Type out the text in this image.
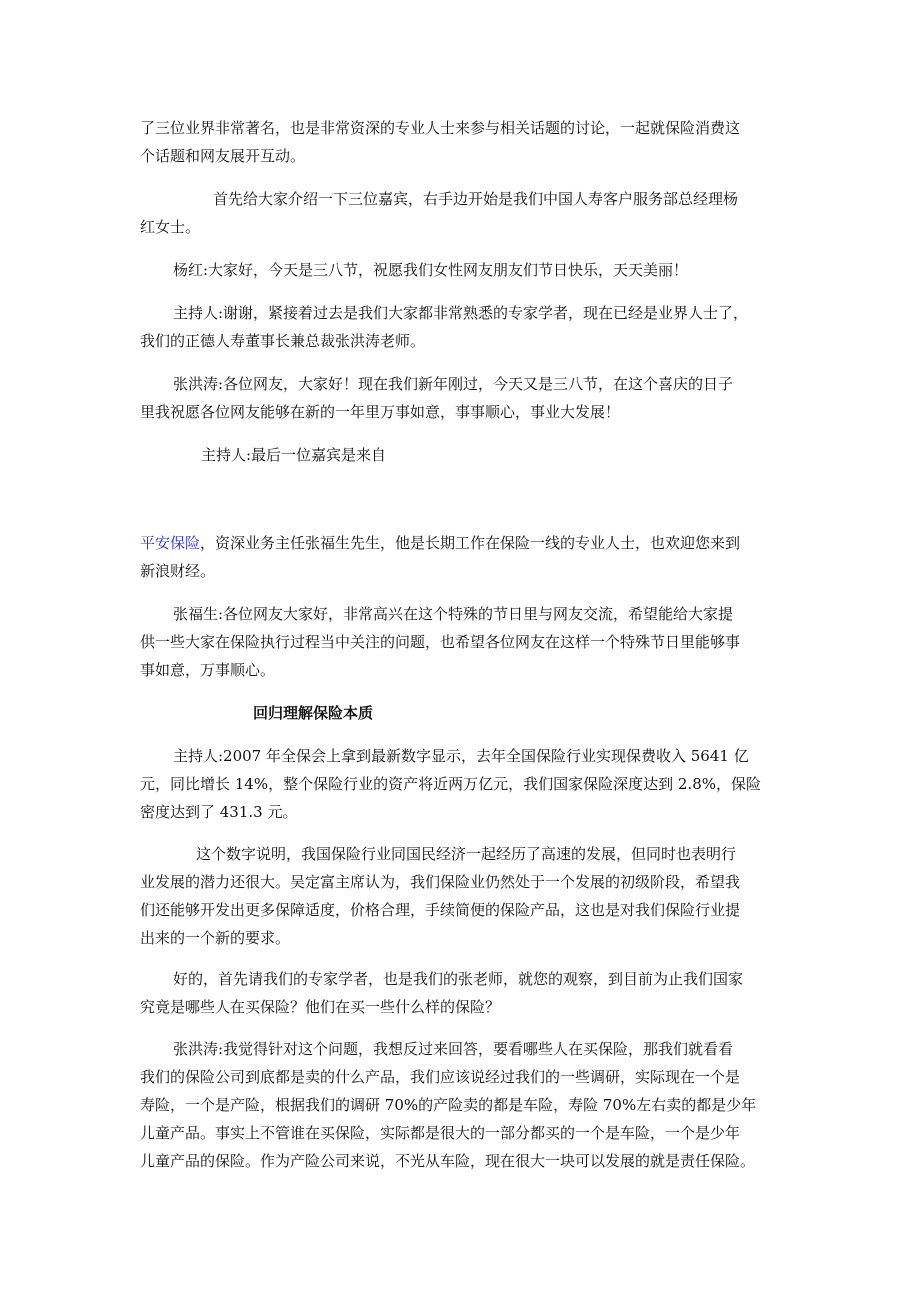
了三位业界非常著名，也是非常资深的专业人士来参与相关话题的讨论，一起就保险消费这
个话题和网友展开互动。
首先给大家介绍一下三位嘉宾，右手边开始是我们中国人寿客户服务部总经理杨
红女士。
杨红:大家好，今天是三八节，祝愿我们女性网友朋友们节日快乐，天天美丽！
主持人:谢谢，紧接着过去是我们大家都非常熟悉的专家学者，现在已经是业界人士了，
我们的正德人寿董事长兼总裁张洪涛老师。
张洪涛:各位网友，大家好！现在我们新年刚过，今天又是三八节，在这个喜庆的日子
里我祝愿各位网友能够在新的一年里万事如意，事事顺心，事业大发展！
主持人:最后一位嘉宾是来自
平安保险，资深业务主任张福生先生，他是长期工作在保险一线的专业人士，也欢迎您来到
新浪财经。
张福生:各位网友大家好，非常高兴在这个特殊的节日里与网友交流，希望能给大家提
供一些大家在保险执行过程当中关注的问题，也希望各位网友在这样一个特殊节日里能够事
事如意，万事顺心。

回归理解保险本质

主持人:2007 年全保会上拿到最新数字显示，去年全国保险行业实现保费收入 5641 亿
元，同比增长 14%，整个保险行业的资产将近两万亿元，我们国家保险深度达到 2.8%，保险
密度达到了 431.3 元。
这个数字说明，我国保险行业同国民经济一起经历了高速的发展，但同时也表明行
业发展的潜力还很大。吴定富主席认为，我们保险业仍然处于一个发展的初级阶段，希望我
们还能够开发出更多保障适度，价格合理，手续简便的保险产品，这也是对我们保险行业提
出来的一个新的要求。
好的，首先请我们的专家学者，也是我们的张老师，就您的观察，到目前为止我们国家
究竟是哪些人在买保险？他们在买一些什么样的保险？
张洪涛:我觉得针对这个问题，我想反过来回答，要看哪些人在买保险，那我们就看看
我们的保险公司到底都是卖的什么产品，我们应该说经过我们的一些调研，实际现在一个是
寿险，一个是产险，根据我们的调研 70%的产险卖的都是车险，寿险 70%左右卖的都是少年
儿童产品。事实上不管谁在买保险，实际都是很大的一部分都买的一个是车险，一个是少年
儿童产品的保险。作为产险公司来说，不光从车险，现在很大一块可以发展的就是责任保险。
